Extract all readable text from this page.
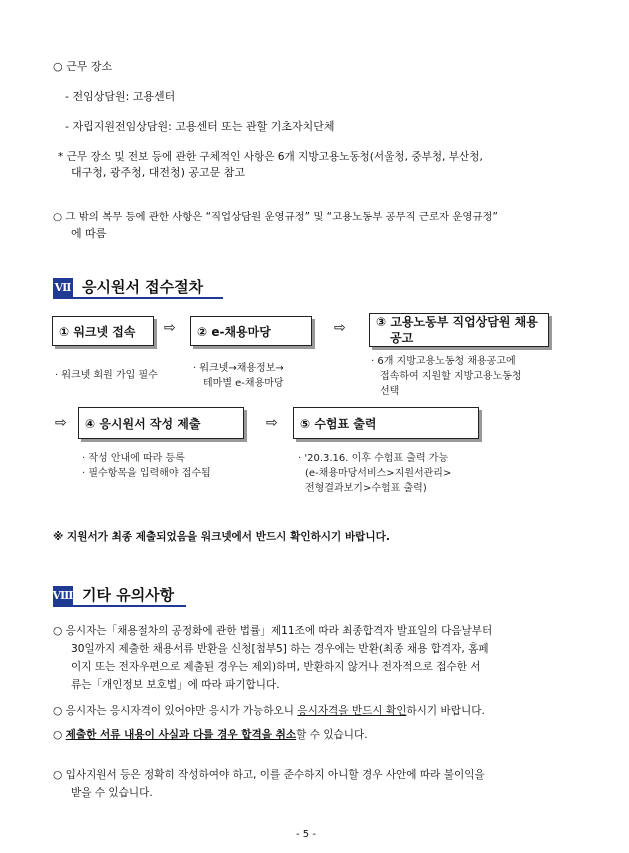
○ 근무 장소
- 전임상담원: 고용센터
- 자립지원전임상담원: 고용센터 또는 관할 기초자치단체
* 근무 장소 및 전보 등에 관한 구체적인 사항은 6개 지방고용노동청(서울청, 중부청, 부산청,
대구청, 광주청, 대전청) 공고문 참고
○ 그 밖의 복무 등에 관한 사항은 “직업상담원 운영규정” 및 “고용노동부 공무직 근로자 운영규정”
에 따름
Ⅶ 응시원서 접수절차
① 워크넷 접속 ⇨ ② e-채용마당	⇨	③ 고용노동부 직업상담원 채용
공고
· 워크넷 회원 가입 필수
· 워크넷→채용정보→
테마별 e-채용마당
· 6개 지방고용노동청 채용공고에
접속하여 지원할 지방고용노동청
선택
⇨ ④ 응시원서 작성 제출	⇨ ⑤ 수험표 출력
· 작성 안내에 따라 등록
· 필수항목을 입력해야 접수됨
· '20.3.16. 이후 수험표 출력 가능
(e-채용마당서비스>지원서관리>
전형결과보기>수험표 출력)
※ 지원서가 최종 제출되었음을 워크넷에서 반드시 확인하시기 바랍니다.
Ⅷ 기타 유의사항
○ 응시자는「채용절차의 공정화에 관한 법률」제11조에 따라 최종합격자 발표일의 다음날부터
30일까지 제출한 채용서류 반환을 신청[첨부5] 하는 경우에는 반환(최종 채용 합격자, 홈페
이지 또는 전자우편으로 제출된 경우는 제외)하며, 반환하지 않거나 전자적으로 접수한 서
류는「개인정보 보호법」에 따라 파기합니다.
○ 응시자는 응시자격이 있어야만 응시가 가능하오니 응시자격을 반드시 확인하시기 바랍니다.
○ 제출한 서류 내용이 사실과 다를 경우 합격을 취소할 수 있습니다.
○ 입사지원서 등은 정확히 작성하여야 하고, 이를 준수하지 아니할 경우 사안에 따라 불이익을
받을 수 있습니다.
- 5 -
